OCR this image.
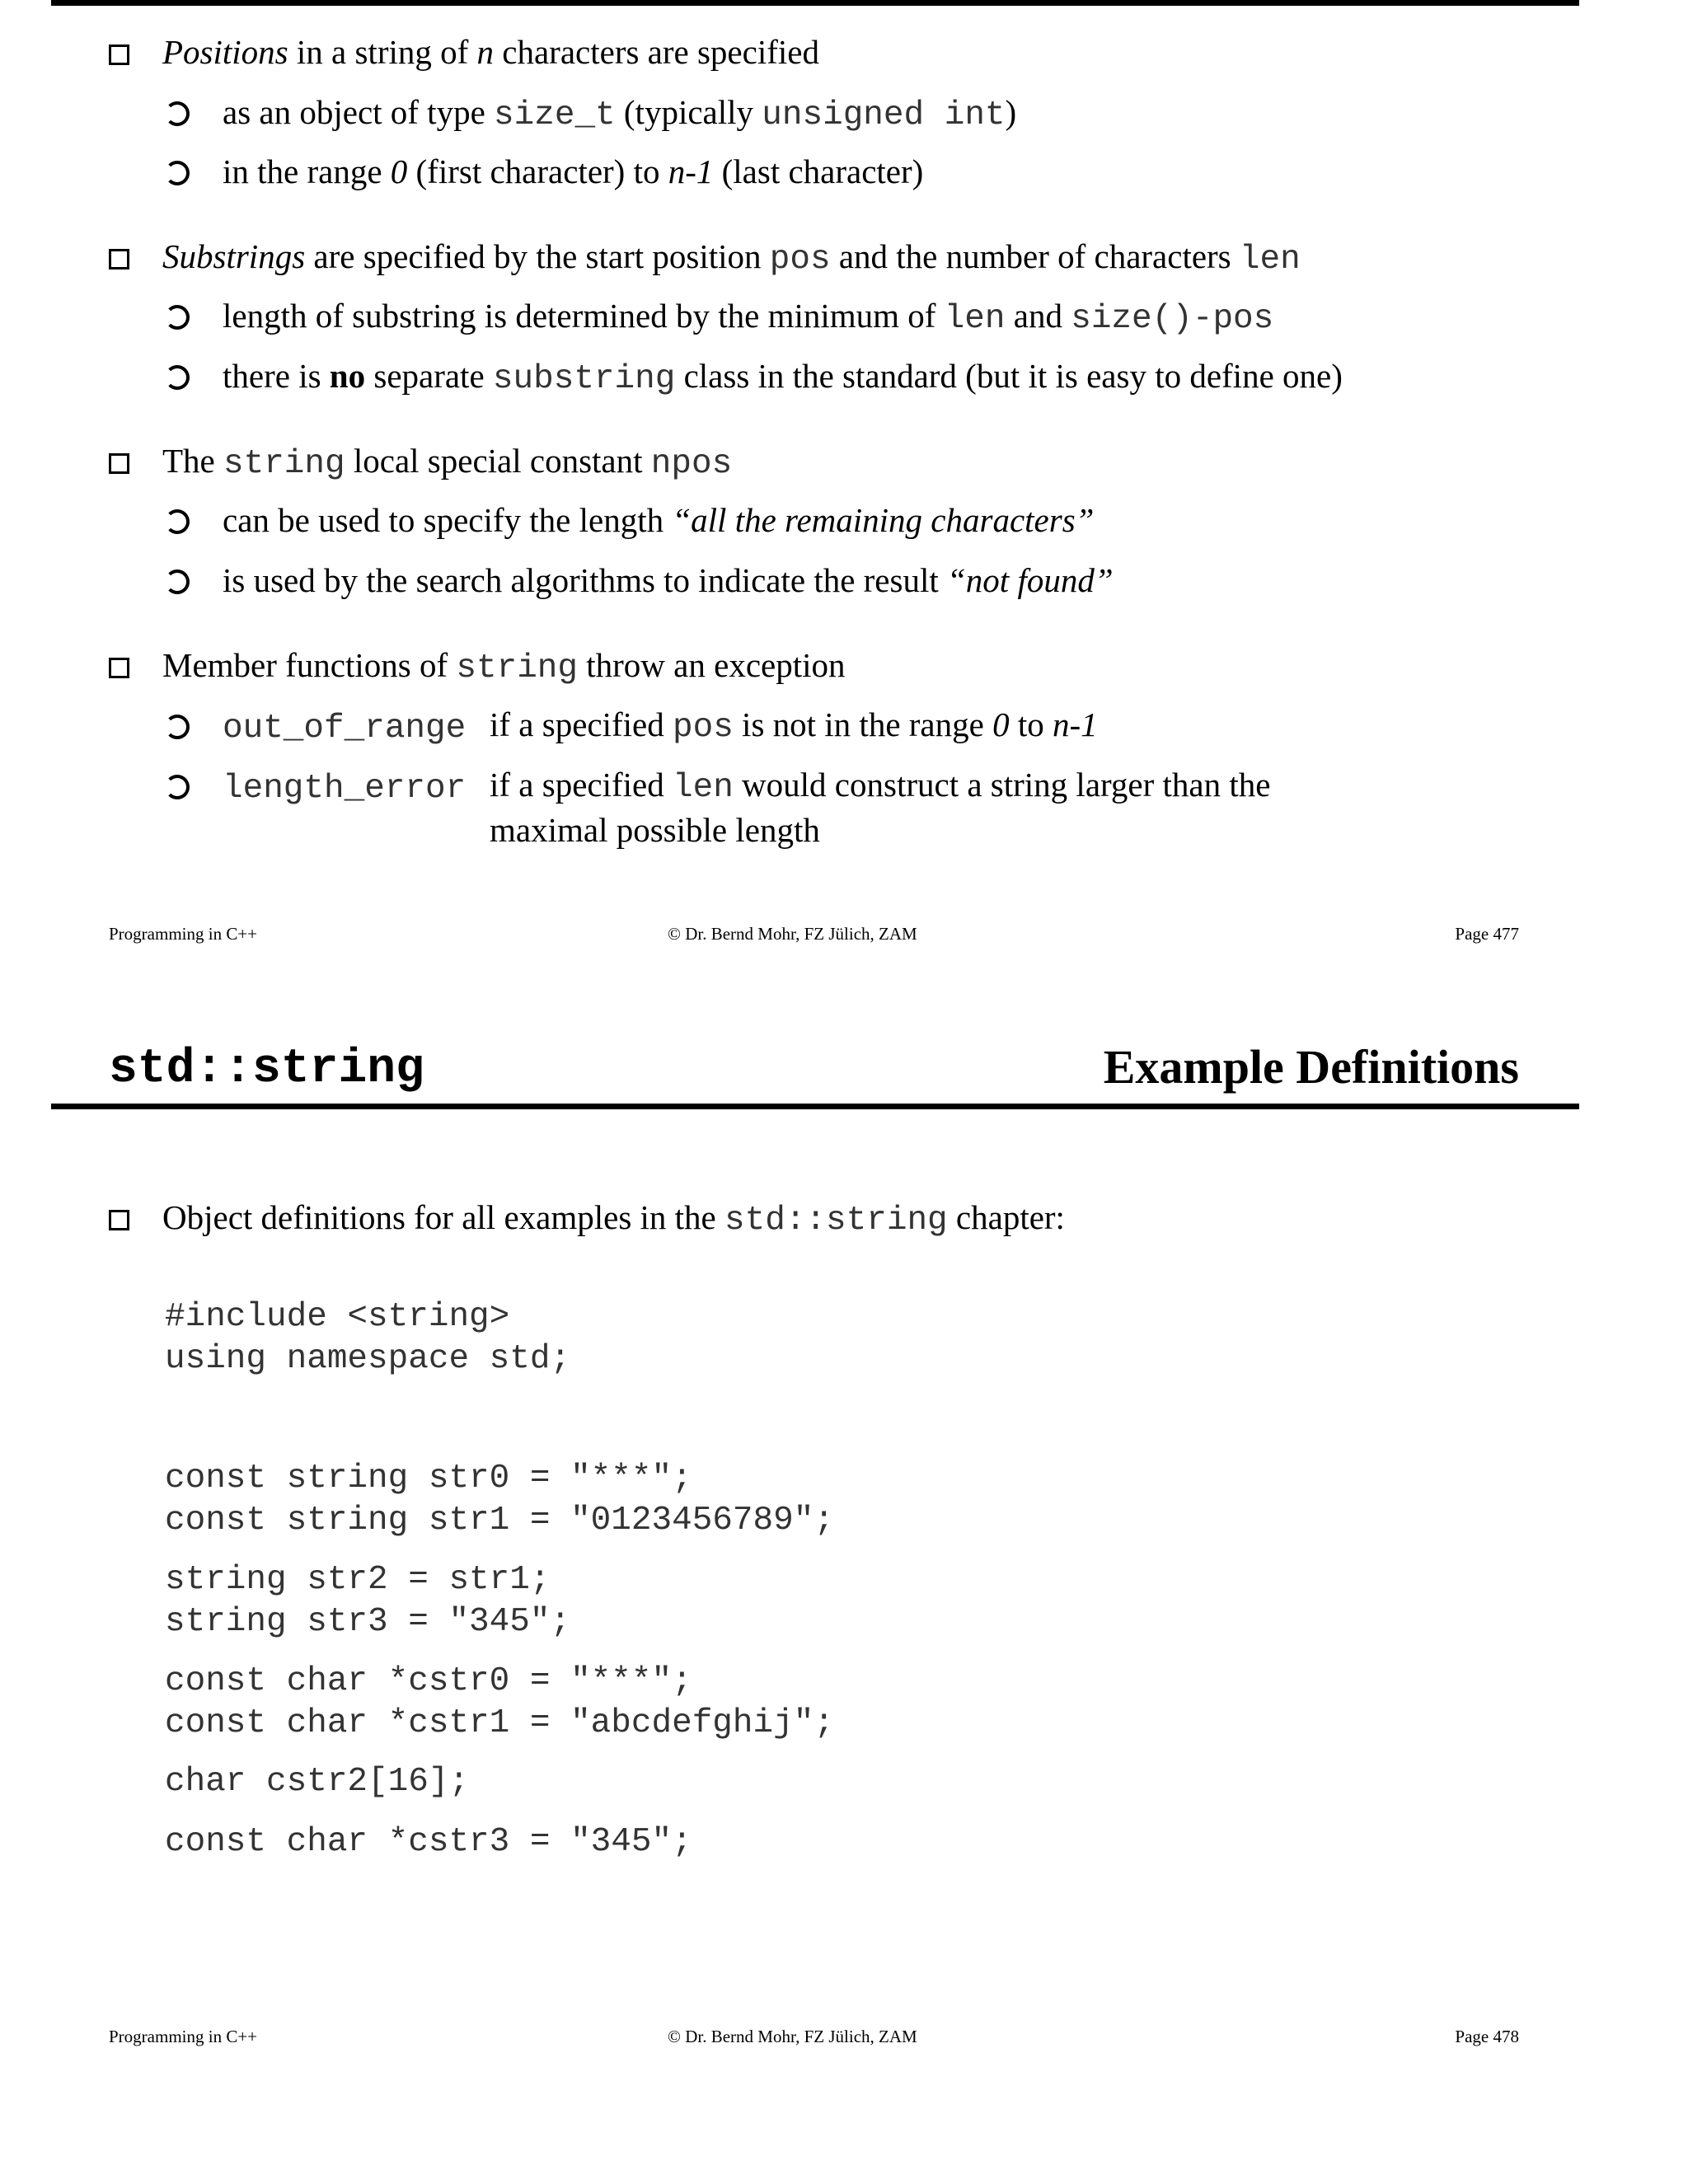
Positions in a string of n characters are specified
as an object of type size_t (typically unsigned int)
in the range 0 (first character) to n-1 (last character)
Substrings are specified by the start position pos and the number of characters len
length of substring is determined by the minimum of len and size()-pos
there is no separate substring class in the standard (but it is easy to define one)
The string local special constant npos
can be used to specify the length “all the remaining characters”
is used by the search algorithms to indicate the result “not found”
Member functions of string throw an exception
out_of_range if a specified pos is not in the range 0 to n-1
length_error if a specified len would construct a string larger than the
maximal possible length
Programming in C++	© Dr. Bernd Mohr, FZ Jülich, ZAM	Page 477
std::string	Example Definitions
Object definitions for all examples in the std::string chapter:
#include <string>
using namespace std;
const string str0 = "***";
const string str1 = "0123456789";
string str2 = str1;
string str3 = "345";
const char *cstr0 = "***";
const char *cstr1 = "abcdefghij";
char cstr2[16];
const char *cstr3 = "345";
Programming in C++	© Dr. Bernd Mohr, FZ Jülich, ZAM	Page 478
